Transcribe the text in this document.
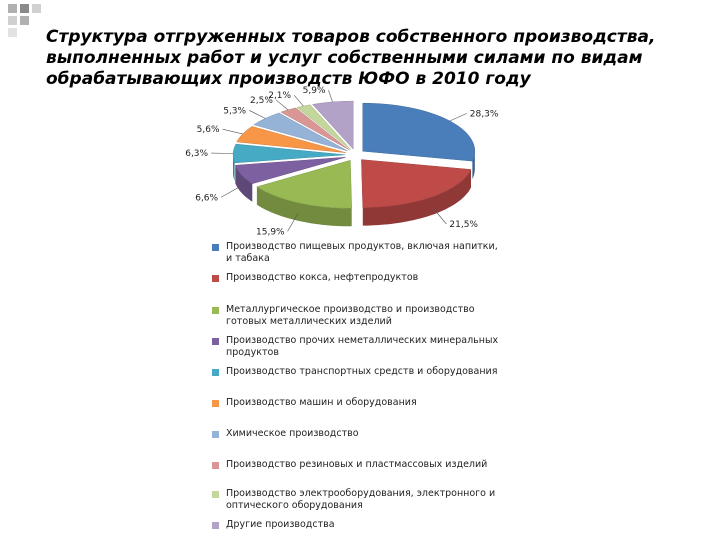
Структура отгруженных товаров собственного производства,
выполненных работ и услуг собственными силами по видам
обрабатывающих производств ЮФО в 2010 году
28,3%
21,5%
15,9%
6,6%
6,3%
5,6%
5,3%
2,5%
2,1%
5,9%
Производство пищевых продуктов, включая напитки, и табака
Производство кокса, нефтепродуктов
Металлургическое производство и производство готовых металлических изделий
Производство прочих неметаллических минеральных продуктов
Производство транспортных средств и оборудования
Производство машин и оборудования
Химическое производство
Производство резиновых и пластмассовых изделий
Производство электрооборудования, электронного и оптического оборудования
Другие производства
